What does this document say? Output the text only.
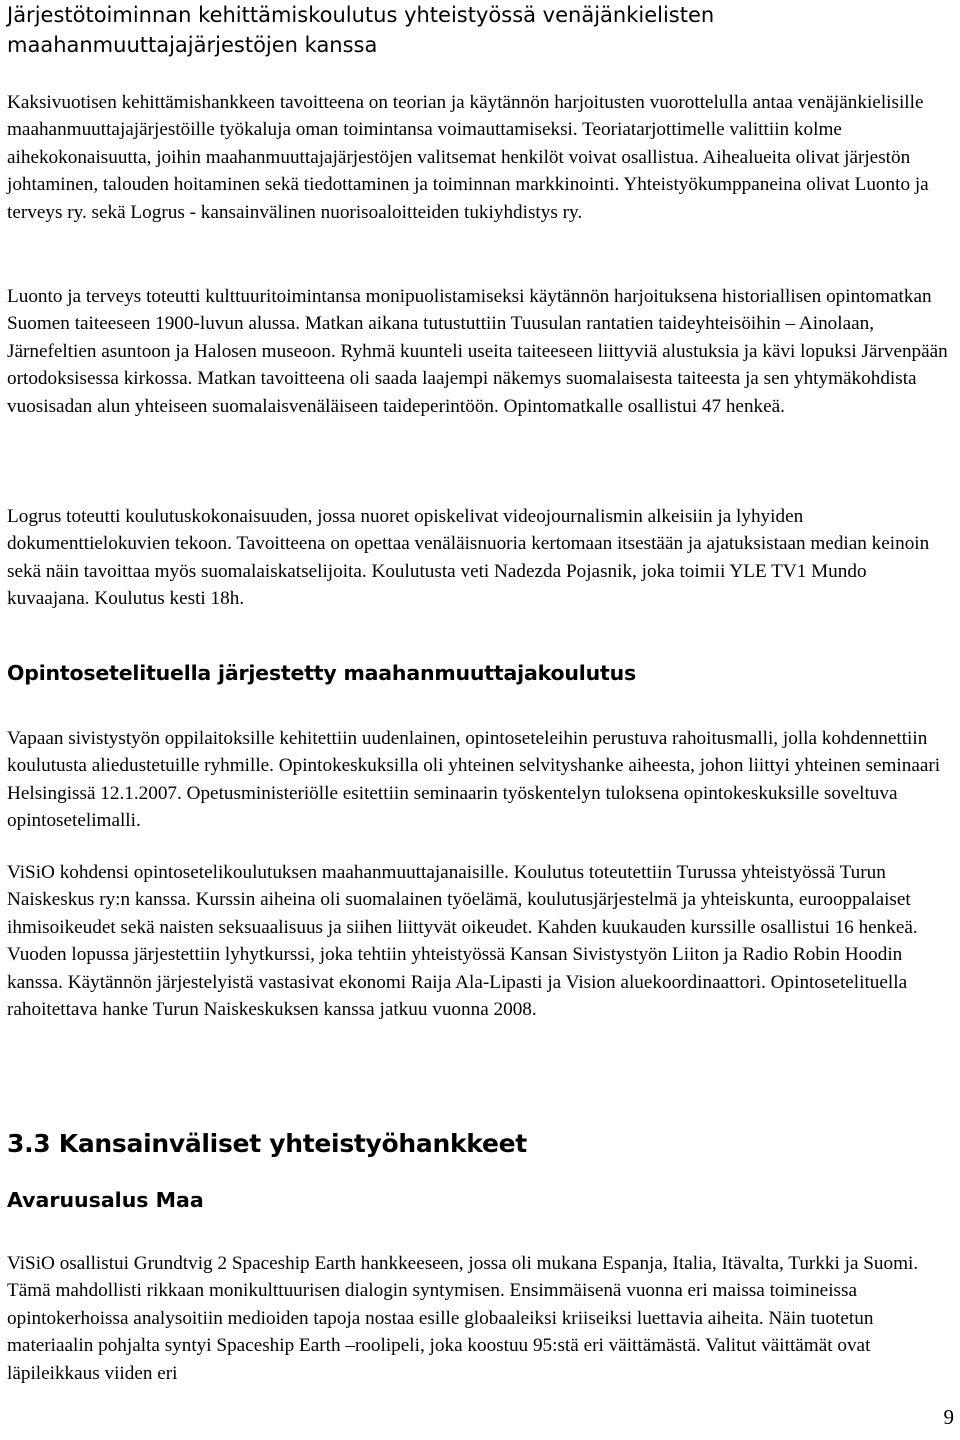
Järjestötoiminnan kehittämiskoulutus yhteistyössä venäjänkielisten maahanmuuttajajärjestöjen kanssa

Kaksivuotisen kehittämishankkeen tavoitteena on teorian ja käytännön harjoitusten vuorottelulla antaa venäjänkielisille maahanmuuttajajärjestöille työkaluja oman toimintansa voimauttamiseksi. Teoriatarjottimelle valittiin kolme aihekokonaisuutta, joihin maahanmuuttajajärjestöjen valitsemat henkilöt voivat osallistua. Aihealueita olivat järjestön johtaminen, talouden hoitaminen sekä tiedottaminen ja toiminnan markkinointi. Yhteistyökumppaneina olivat Luonto ja terveys ry. sekä Logrus - kansainvälinen nuorisoaloitteiden tukiyhdistys ry.

Luonto ja terveys toteutti kulttuuritoimintansa monipuolistamiseksi käytännön harjoituksena historiallisen opintomatkan Suomen taiteeseen 1900-luvun alussa. Matkan aikana tutustuttiin Tuusulan rantatien taideyhteisöihin – Ainolaan, Järnefeltien asuntoon ja Halosen museoon. Ryhmä kuunteli useita taiteeseen liittyviä alustuksia ja kävi lopuksi Järvenpään ortodoksisessa kirkossa. Matkan tavoitteena oli saada laajempi näkemys suomalaisesta taiteesta ja sen yhtymäkohdista vuosisadan alun yhteiseen suomalaisvenäläiseen taideperintöön. Opintomatkalle osallistui 47 henkeä.

Logrus toteutti koulutuskokonaisuuden, jossa nuoret opiskelivat videojournalismin alkeisiin ja lyhyiden dokumenttielokuvien tekoon. Tavoitteena on opettaa venäläisnuoria kertomaan itsestään ja ajatuksistaan median keinoin sekä näin tavoittaa myös suomalaiskatselijoita. Koulutusta veti Nadezda Pojasnik, joka toimii YLE TV1 Mundo kuvaajana. Koulutus kesti 18h.

Opintosetelituella järjestetty maahanmuuttajakoulutus

Vapaan sivistystyön oppilaitoksille kehitettiin uudenlainen, opintoseteleihin perustuva rahoitusmalli, jolla kohdennettiin koulutusta aliedustetuille ryhmille. Opintokeskuksilla oli yhteinen selvityshanke aiheesta, johon liittyi yhteinen seminaari Helsingissä 12.1.2007. Opetusministeriölle esitettiin seminaarin työskentelyn tuloksena opintokeskuksille soveltuva opintosetelimalli.

ViSiO kohdensi opintosetelikoulutuksen maahanmuuttajanaisille. Koulutus toteutettiin Turussa yhteistyössä Turun Naiskeskus ry:n kanssa. Kurssin aiheina oli suomalainen työelämä, koulutusjärjestelmä ja yhteiskunta, eurooppalaiset ihmisoikeudet sekä naisten seksuaalisuus ja siihen liittyvät oikeudet. Kahden kuukauden kurssille osallistui 16 henkeä. Vuoden lopussa järjestettiin lyhytkurssi, joka tehtiin yhteistyössä Kansan Sivistystyön Liiton ja Radio Robin Hoodin kanssa. Käytännön järjestelyistä vastasivat ekonomi Raija Ala-Lipasti ja Vision aluekoordinaattori. Opintosetelituella rahoitettava hanke Turun Naiskeskuksen kanssa jatkuu vuonna 2008.

3.3 Kansainväliset yhteistyöhankkeet
Avaruusalus Maa

ViSiO osallistui Grundtvig 2 Spaceship Earth hankkeeseen, jossa oli mukana Espanja, Italia, Itävalta, Turkki ja Suomi. Tämä mahdollisti rikkaan monikulttuurisen dialogin syntymisen. Ensimmäisenä vuonna eri maissa toimineissa opintokerhoissa analysoitiin medioiden tapoja nostaa esille globaaleiksi kriiseiksi luettavia aiheita. Näin tuotetun materiaalin pohjalta syntyi Spaceship Earth –roolipeli, joka koostuu 95:stä eri väittämästä. Valitut väittämät ovat läpileikkaus viiden eri

9
